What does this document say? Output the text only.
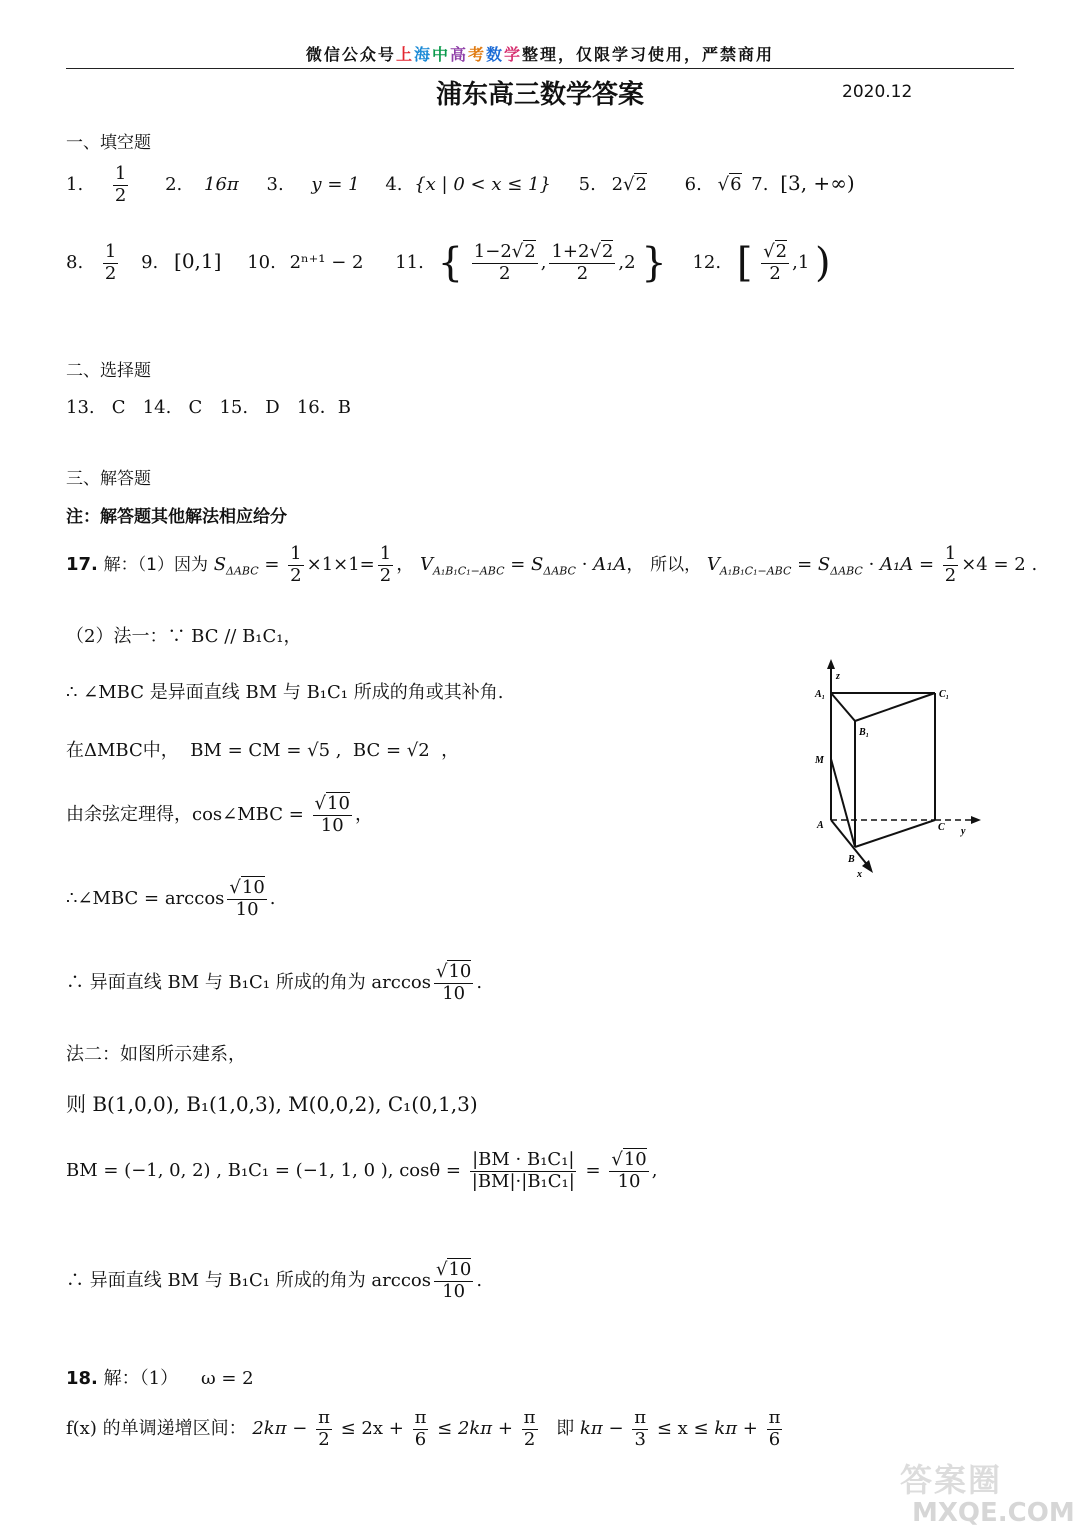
微信公众号上海中高考数学整理，仅限学习使用，严禁商用
浦东高三数学答案	2020.12
一、填空题
1. $\frac{1}{2} 2$. 16π 3. y = 1 4. {x | 0 < x ≤ 1} 5. 2√2 6. √6 7. [3, +∞)
8. $\frac{1}{2} 9$. [0,1] 10. 2ⁿ⁺¹ − 2 11. { $\frac{1-2√2}{2}$ , $\frac{1+2√2}{2} ,2$ } 12. [ $\frac{√2}{2} ,1$ )
二、选择题
13.   C   14.   C   15.   D   16．B
三、解答题
注：解答题其他解法相应给分
17. 解：（1）因为 $S_{\Delta ABC} = \frac{1}{2} \times 1\times 1= \frac{1}{2}$ ， $V_{A_1B_1C_1-ABC} = S_{\Delta ABC} \cdot A_1A$， 所以， $V_{A_1B_1C_1-ABC} = S_{\Delta ABC} \cdot A_1A = \frac{1}{2} \times 4 = 2$ .
（2）法一：∵ BC // B₁C₁，
∴ ∠MBC 是异面直线 BM 与 B₁C₁ 所成的角或其补角.
在ΔMBC中，  BM = CM = √5 ,  BC = √2  ，
由余弦定理得，cos∠MBC = $\frac{√10}{10}$ ，
∴∠MBC = $\arccos \frac{√10}{10}$ .
∴ 异面直线 BM 与 B₁C₁ 所成的角为 $\arccos \frac{√10}{10}$ .
法二：如图所示建系，
则 B(1,0,0), B₁(1,0,3), M(0,0,2), C₁(0,1,3)
BM = (−1, 0, 2) , B₁C₁ = (−1, 1, 0 ), $\cos\theta = \frac{\text{|BM · B₁C₁|}}{\text{|BM|·|B₁C₁|}} = \frac{√10}{10}$ ,
∴ 异面直线 BM 与 B₁C₁ 所成的角为 $\arccos \frac{√10}{10}$ .
18. 解：（1）    ω = 2
f(x) 的单调递增区间： $2k\pi - \frac{\pi}{2} \le 2x + \frac{\pi}{6} \le 2k\pi + \frac{\pi}{2}$ 即 $k\pi - \frac{\pi}{3} \le x \le k\pi + \frac{\pi}{6}$
A₁	C₁
B₁
M
A	C
B
x
y
z
答案圈
MXQE.COM
